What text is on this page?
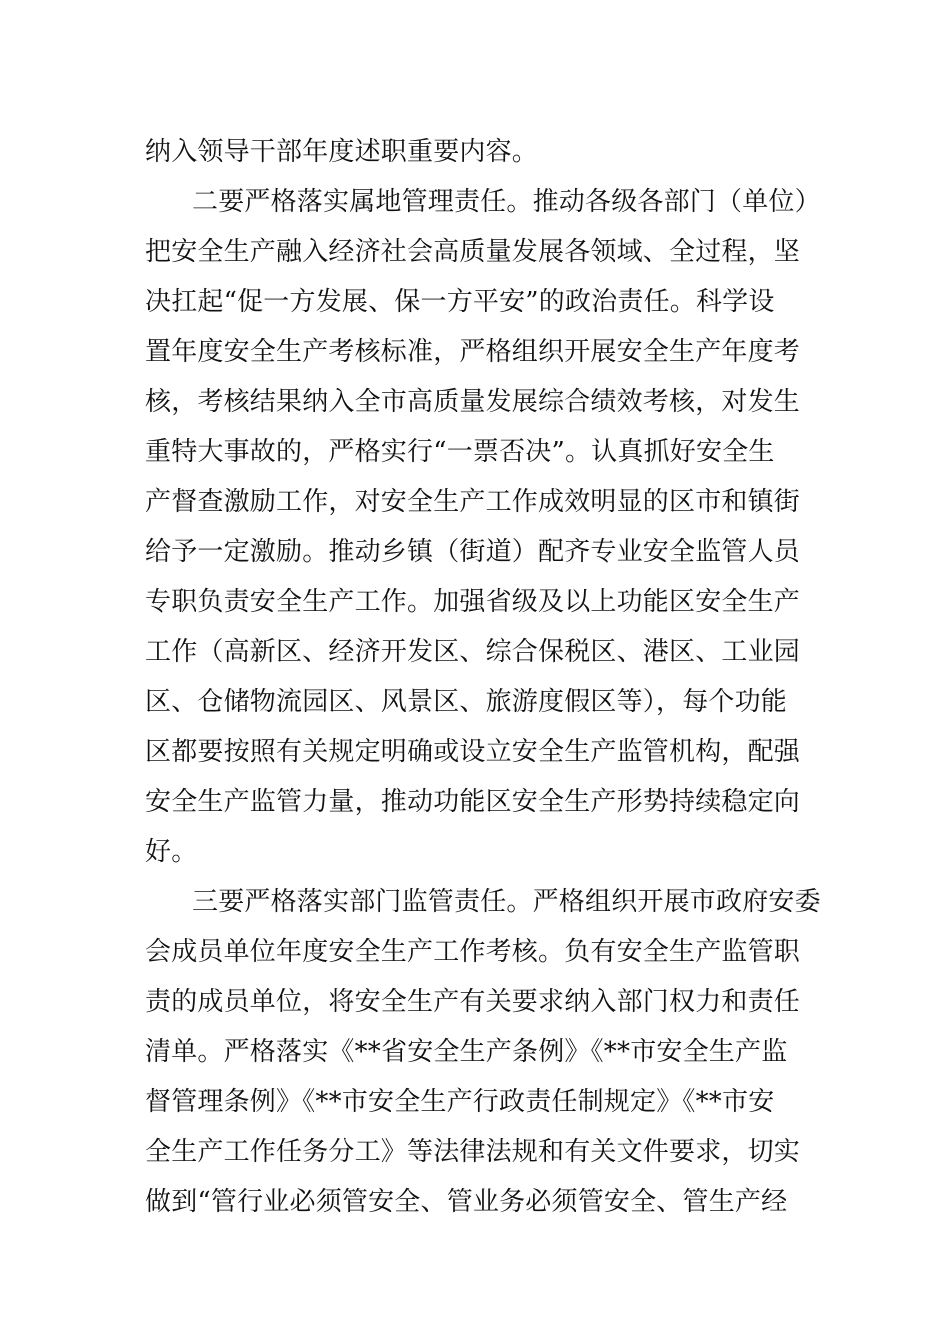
纳入领导干部年度述职重要内容。
二要严格落实属地管理责任。推动各级各部门（单位）
把安全生产融入经济社会高质量发展各领域、全过程，坚
决扛起“促一方发展、保一方平安”的政治责任。科学设
置年度安全生产考核标准，严格组织开展安全生产年度考
核，考核结果纳入全市高质量发展综合绩效考核，对发生
重特大事故的，严格实行“一票否决”。认真抓好安全生
产督查激励工作，对安全生产工作成效明显的区市和镇街
给予一定激励。推动乡镇（街道）配齐专业安全监管人员
专职负责安全生产工作。加强省级及以上功能区安全生产
工作（高新区、经济开发区、综合保税区、港区、工业园
区、仓储物流园区、风景区、旅游度假区等），每个功能
区都要按照有关规定明确或设立安全生产监管机构，配强
安全生产监管力量，推动功能区安全生产形势持续稳定向
好。
三要严格落实部门监管责任。严格组织开展市政府安委
会成员单位年度安全生产工作考核。负有安全生产监管职
责的成员单位，将安全生产有关要求纳入部门权力和责任
清单。严格落实《**省安全生产条例》《**市安全生产监
督管理条例》《**市安全生产行政责任制规定》《**市安
全生产工作任务分工》等法律法规和有关文件要求，切实
做到“管行业必须管安全、管业务必须管安全、管生产经
